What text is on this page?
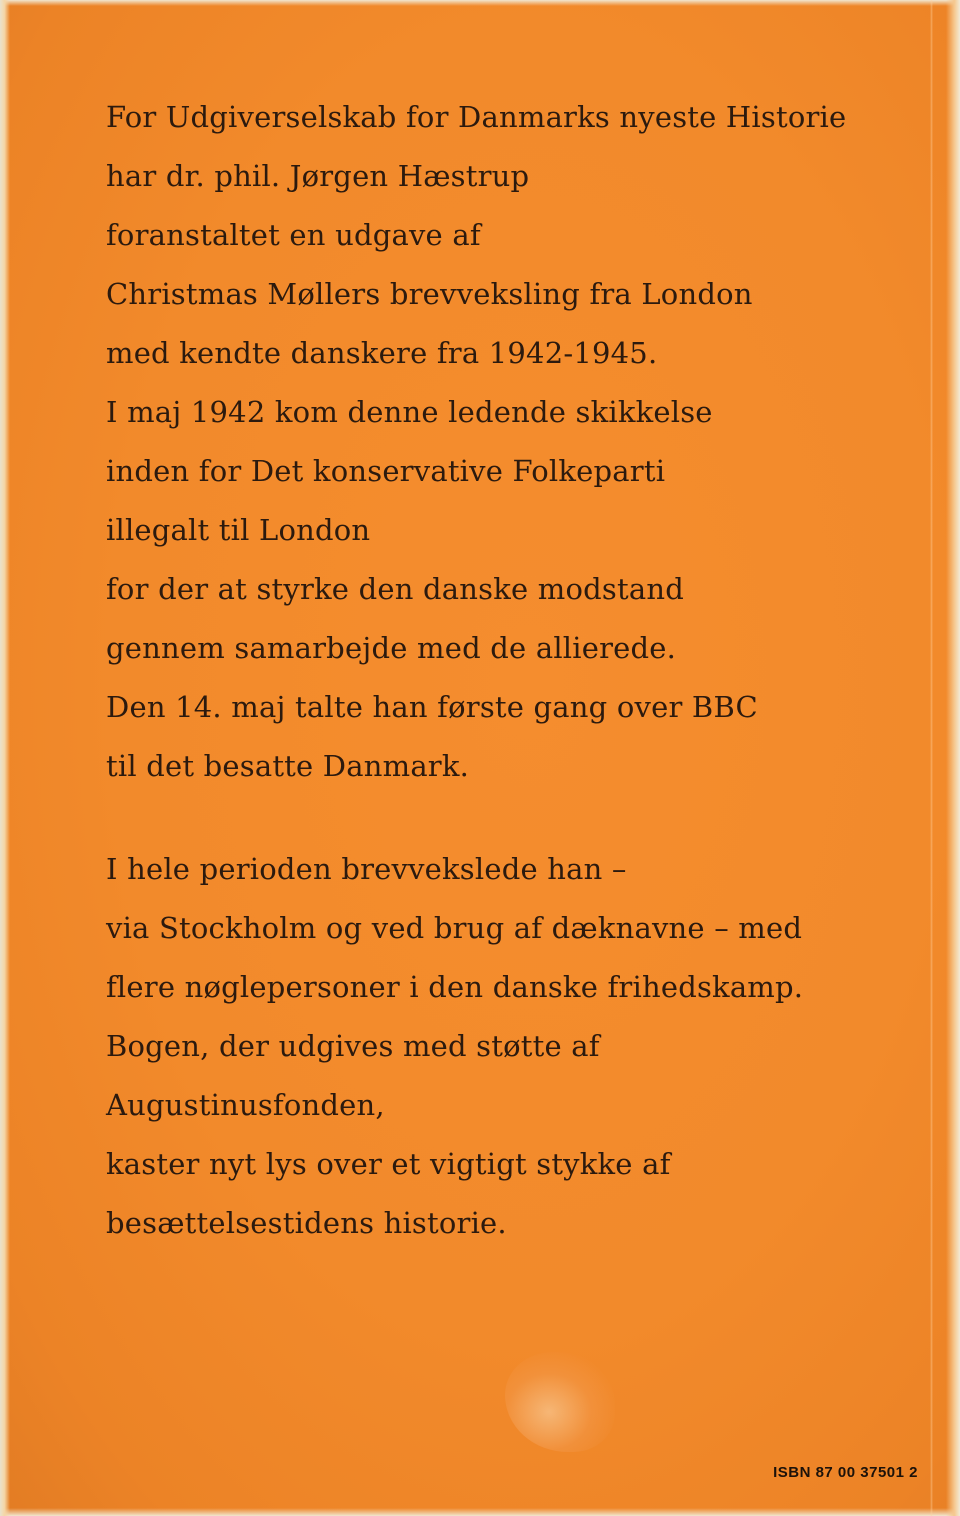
For Udgiverselskab for Danmarks nyeste Historie
har dr. phil. Jørgen Hæstrup
foranstaltet en udgave af
Christmas Møllers brevveksling fra London
med kendte danskere fra 1942-1945.
I maj 1942 kom denne ledende skikkelse
inden for Det konservative Folkeparti
illegalt til London
for der at styrke den danske modstand
gennem samarbejde med de allierede.
Den 14. maj talte han første gang over BBC
til det besatte Danmark.
I hele perioden brevvekslede han –
via Stockholm og ved brug af dæknavne – med
flere nøglepersoner i den danske frihedskamp.
Bogen, der udgives med støtte af
Augustinusfonden,
kaster nyt lys over et vigtigt stykke af
besættelsestidens historie.
ISBN 87 00 37501 2
